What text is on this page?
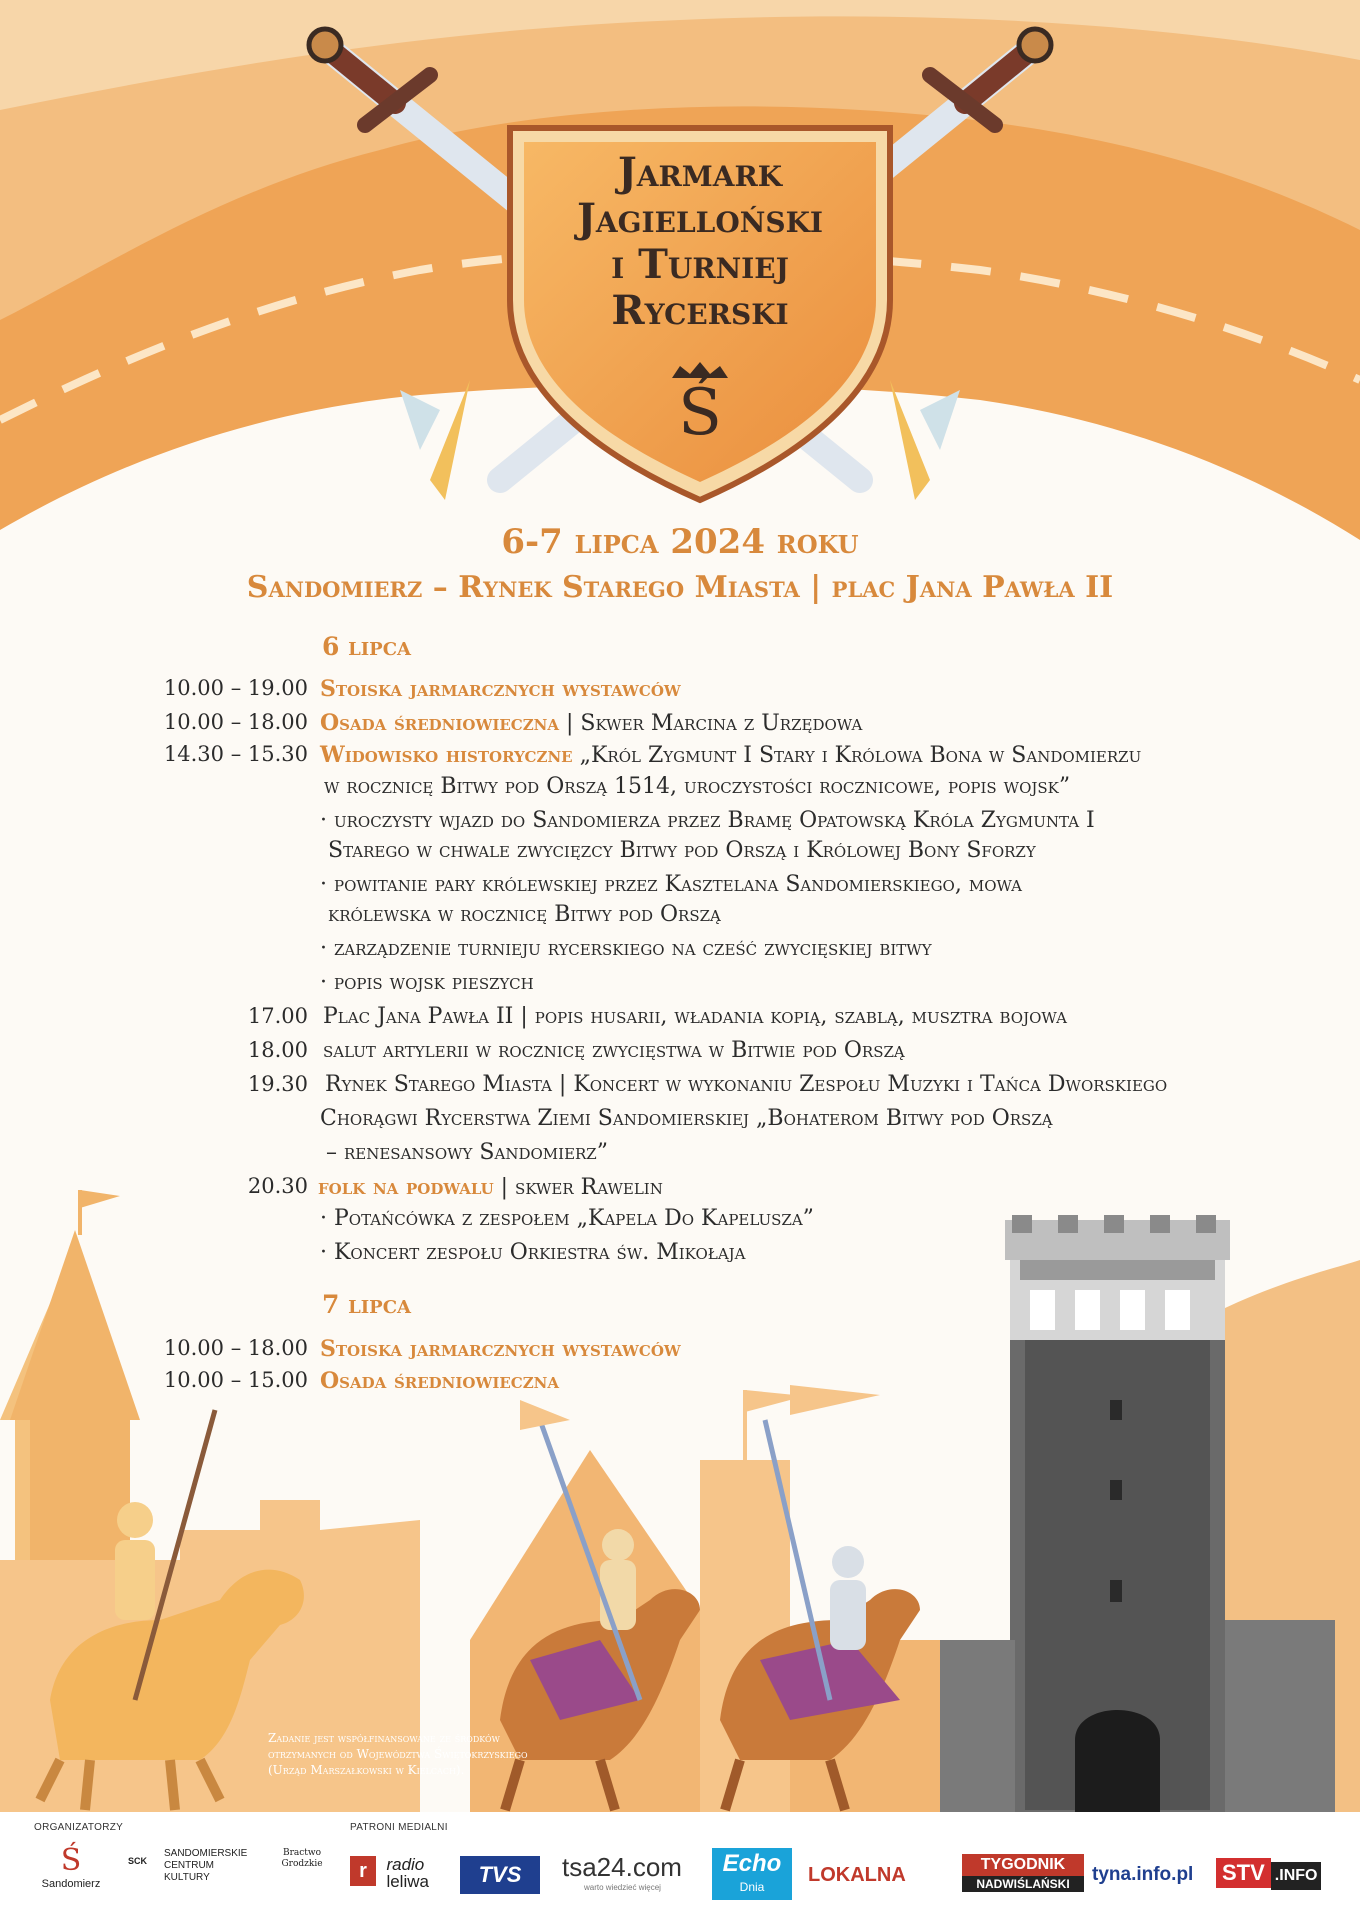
Jarmark
Jagielloński
i Turniej
Rycerski
Ś
6-7 lipca 2024 roku
Sandomierz – Rynek Starego Miasta | plac Jana Pawła II
6 lipca
10.00 – 19.00 Stoiska jarmarcznych wystawców
10.00 – 18.00 Osada średniowieczna | Skwer Marcina z Urzędowa
14.30 – 15.30 Widowisko historyczne „Król Zygmunt I Stary i Królowa Bona w Sandomierzu
w rocznicę Bitwy pod Orszą 1514, uroczystości rocznicowe, popis wojsk”
· uroczysty wjazd do Sandomierza przez Bramę Opatowską Króla Zygmunta I
Starego w chwale zwycięzcy Bitwy pod Orszą i Królowej Bony Sforzy
· powitanie pary królewskiej przez Kasztelana Sandomierskiego, mowa
królewska w rocznicę Bitwy pod Orszą
· zarządzenie turnieju rycerskiego na cześć zwycięskiej bitwy
· popis wojsk pieszych
17.00 Plac Jana Pawła II | popis husarii, władania kopią, szablą, musztra bojowa
18.00 salut artylerii w rocznicę zwycięstwa w Bitwie pod Orszą
19.30 Rynek Starego Miasta | Koncert w wykonaniu Zespołu Muzyki i Tańca Dworskiego
Chorągwi Rycerstwa Ziemi Sandomierskiej „Bohaterom Bitwy pod Orszą
– renesansowy Sandomierz”
20.30 folk na podwalu | skwer Rawelin
· Potańcówka z zespołem „Kapela Do Kapelusza”
· Koncert zespołu Orkiestra św. Mikołaja
7 lipca
10.00 – 18.00 Stoiska jarmarcznych wystawców
10.00 – 15.00 Osada średniowieczna
Zadanie jest współfinansowane ze środków otrzymanych od Województwa Świętokrzyskiego (Urząd Marszałkowski w Kielcach).
ORGANIZATORZY	PATRONI MEDIALNI
Ś
Sandomierz
SCK
SANDOMIERSKIE
CENTRUM
KULTURY
Bractwo Grodzkie	r radio
leliwa	TVS	tsa24.com
warto wiedzieć więcej
Echo
Dnia
LOKALNA	TYGODNIK
NADWIŚLAŃSKI	tyna.info.pl STV .INFO
